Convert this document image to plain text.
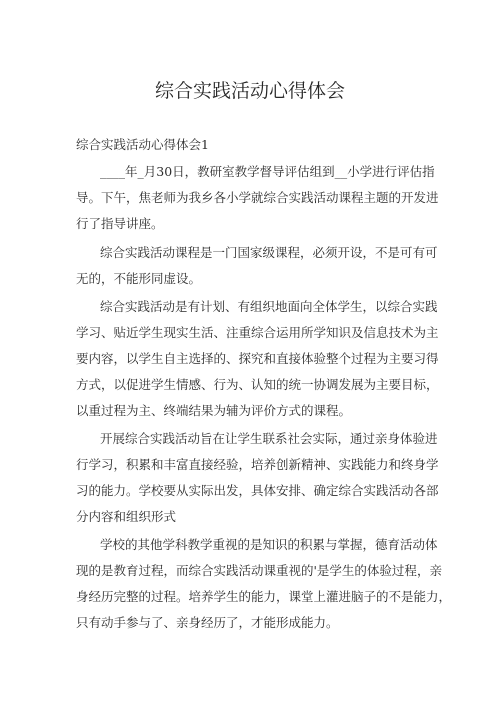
综合实践活动心得体会

综合实践活动心得体会1

____年_月30日，教研室教学督导评估组到__小学进行评估指

导。下午，焦老师为我乡各小学就综合实践活动课程主题的开发进

行了指导讲座。

综合实践活动课程是一门国家级课程，必须开设，不是可有可

无的，不能形同虚设。

综合实践活动是有计划、有组织地面向全体学生，以综合实践

学习、贴近学生现实生活、注重综合运用所学知识及信息技术为主

要内容，以学生自主选择的、探究和直接体验整个过程为主要习得

方式，以促进学生情感、行为、认知的统一协调发展为主要目标，

以重过程为主、终端结果为辅为评价方式的课程。

开展综合实践活动旨在让学生联系社会实际，通过亲身体验进

行学习，积累和丰富直接经验，培养创新精神、实践能力和终身学

习的能力。学校要从实际出发，具体安排、确定综合实践活动各部

分内容和组织形式

学校的其他学科教学重视的是知识的积累与掌握，德育活动体

现的是教育过程，而综合实践活动课重视的'是学生的体验过程，亲

身经历完整的过程。培养学生的能力，课堂上灌进脑子的不是能力，

只有动手参与了、亲身经历了，才能形成能力。
